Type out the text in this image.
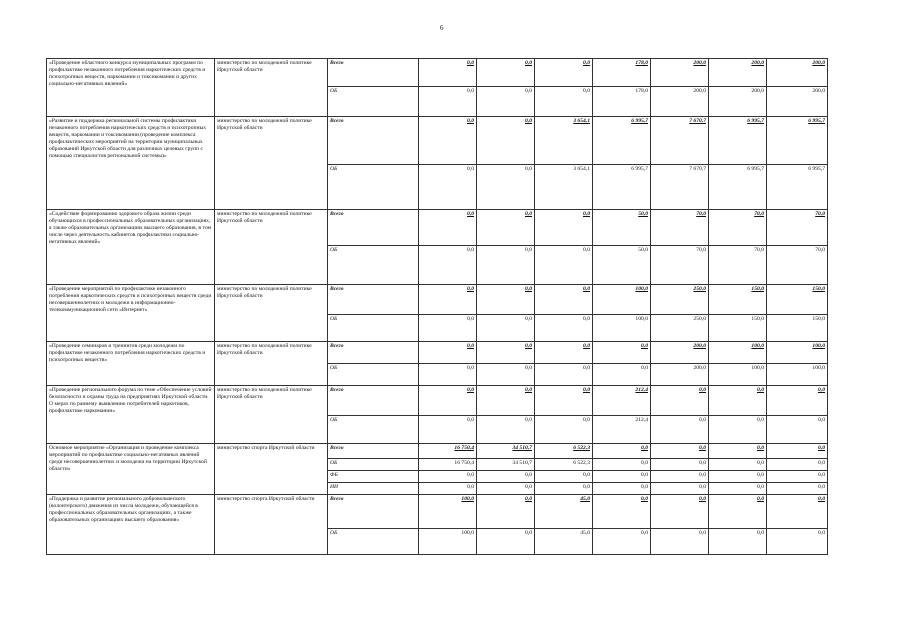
6
«Проведение областного конкурса муниципальных программ по профилактике незаконного потребления наркотических средств и психотропных веществ, наркомании и токсикомании и других социально-негативных явлений»	министерство по молодежной политике Иркутской области	Всего	0,0	0,0	0,0	178,0	200,0	200,0	200,0
		ОБ	0,0	0,0	0,0	178,0	200,0	200,0	200,0
«Развитие и поддержка региональной системы профилактики незаконного потребления наркотических средств и психотропных веществ, наркомании и токсикомании (проведение комплекса профилактических мероприятий на территории муниципальных образований Иркутской области для различных целевых групп с помощью специалистов региональной системы)»	министерство по молодежной политике Иркутской области	Всего	0,0	0,0	3 654,1	6 995,7	7 670,7	6 995,7	6 995,7
		ОБ	0,0	0,0	3 654,1	6 995,7	7 670,7	6 995,7	6 995,7
«Содействие формированию здорового образа жизни среди обучающихся в профессиональных образовательных организациях, а также образовательных организациях высшего образования, в том числе через деятельность кабинетов профилактики социально-негативных явлений»	министерство по молодежной политике Иркутской области	Всего	0,0	0,0	0,0	50,0	70,0	70,0	70,0
		ОБ	0,0	0,0	0,0	50,0	70,0	70,0	70,0
«Проведение мероприятий по профилактике незаконного потребления наркотических средств и психотропных веществ среди несовершеннолетних и молодежи в информационно-телекоммуникационной сети «Интернет»	министерство по молодежной политике Иркутской области	Всего	0,0	0,0	0,0	100,0	250,0	150,0	150,0
		ОБ	0,0	0,0	0,0	100,0	250,0	150,0	150,0
«Проведение семинаров и тренингов среди молодежи по профилактике незаконного потребления наркотических средств и психотропных веществ»	министерство по молодежной политике Иркутской области	Всего	0,0	0,0	0,0	0,0	200,0	100,0	100,0
		ОБ	0,0	0,0	0,0	0,0	200,0	100,0	100,0
«Проведение регионального форума по теме «Обеспечение условий безопасности и охраны труда на предприятиях Иркутской области. О мерах по раннему выявлению потребителей наркотиков, профилактике наркомании»	министерство по молодежной политике Иркутской области	Всего	0,0	0,0	0,0	212,4	0,0	0,0	0,0
		ОБ	0,0	0,0	0,0	212,4	0,0	0,0	0,0
Основное мероприятие «Организация и проведение комплекса мероприятий по профилактике социально-негативных явлений среди несовершеннолетних и молодежи на территории Иркутской области»	министерство спорта Иркутской области	Всего	16 750,4	34 510,7	6 522,3	0,0	0,0	0,0	0,0
		ОБ	16 750,4	34 510,7	6 522,3	0,0	0,0	0,0	0,0
		ФБ	0,0	0,0	0,0	0,0	0,0	0,0	0,0
		ИИ	0,0	0,0	0,0	0,0	0,0	0,0	0,0
«Поддержка и развитие регионального добровольческого (волонтерского) движения из числа молодежи, обучающейся в профессиональных образовательных организациях, а также образовательных организациях высшего образования»	министерство спорта Иркутской области	Всего	100,0	0,0	45,0	0,0	0,0	0,0	0,0
		ОБ	100,0	0,0	45,0	0,0	0,0	0,0	0,0
